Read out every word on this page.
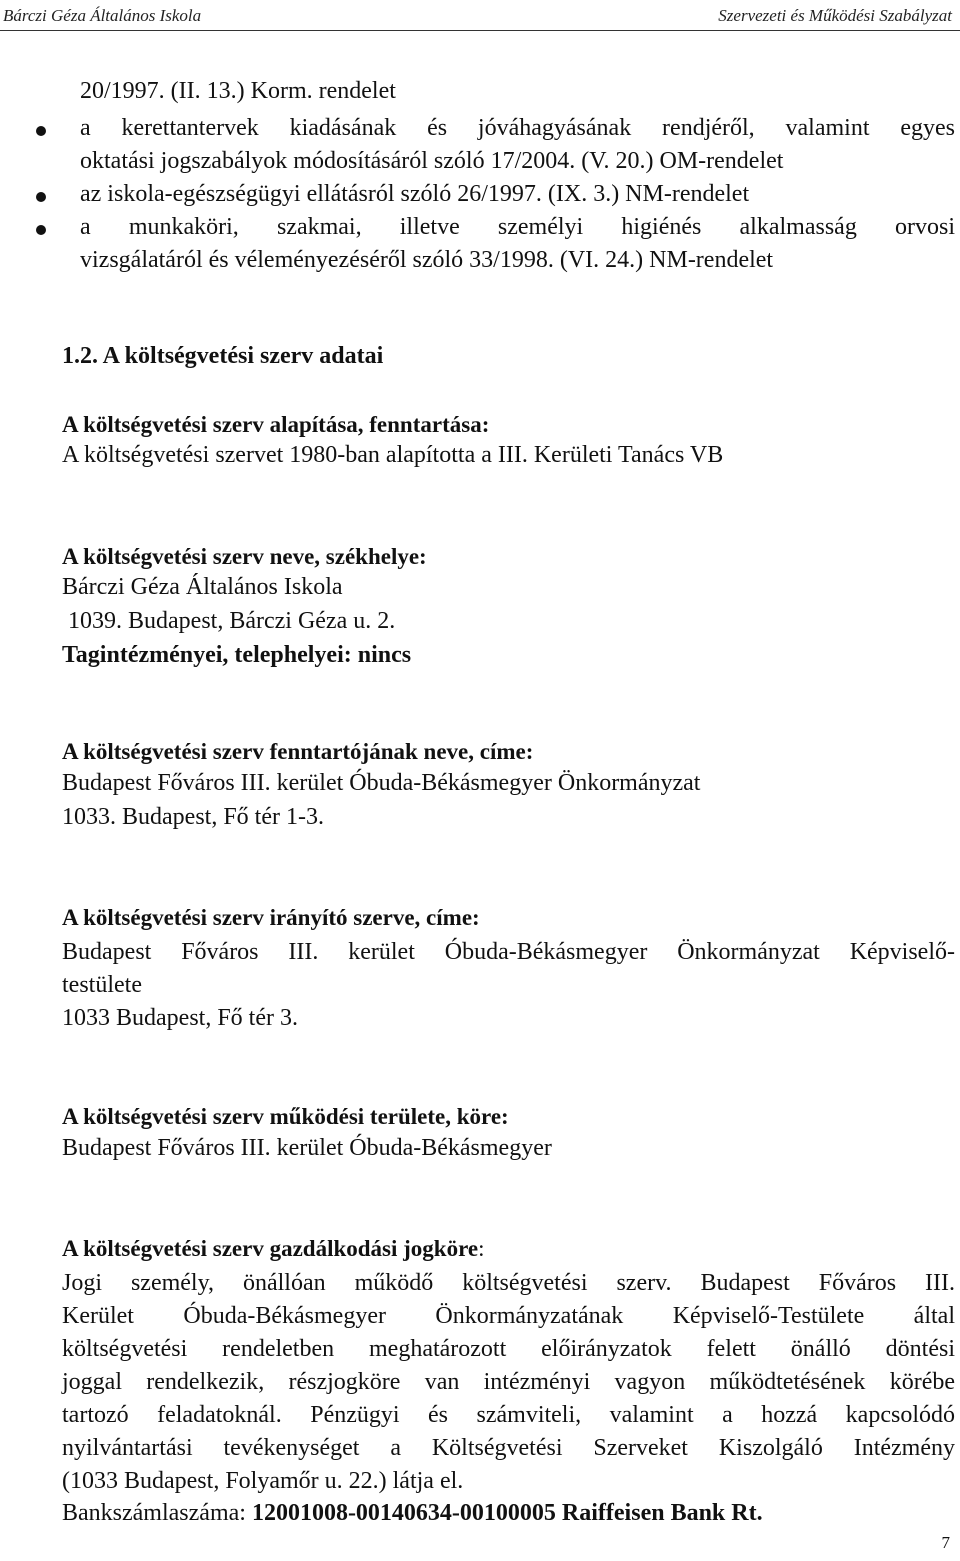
Bárczi Géza Általános Iskola	Szervezeti és Működési Szabályzat
20/1997. (II. 13.) Korm. rendelet
a kerettantervek kiadásának és jóváhagyásának rendjéről, valamint egyes
oktatási jogszabályok módosításáról szóló 17/2004. (V. 20.) OM-rendelet
az iskola-egészségügyi ellátásról szóló 26/1997. (IX. 3.) NM-rendelet
a munkaköri, szakmai, illetve személyi higiénés alkalmasság orvosi
vizsgálatáról és véleményezéséről szóló 33/1998. (VI. 24.) NM-rendelet
1.2. A költségvetési szerv adatai
A költségvetési szerv alapítása, fenntartása:
A költségvetési szervet 1980-ban alapította a III. Kerületi Tanács VB
A költségvetési szerv neve, székhelye:
Bárczi Géza Általános Iskola
1039. Budapest, Bárczi Géza u. 2.
Tagintézményei, telephelyei: nincs
A költségvetési szerv fenntartójának neve, címe:
Budapest Főváros III. kerület Óbuda-Békásmegyer Önkormányzat
1033. Budapest, Fő tér 1-3.
A költségvetési szerv irányító szerve, címe:
Budapest Főváros III. kerület Óbuda-Békásmegyer Önkormányzat Képviselő-
testülete
1033 Budapest, Fő tér 3.
A költségvetési szerv működési területe, köre:
Budapest Főváros III. kerület Óbuda-Békásmegyer
A költségvetési szerv gazdálkodási jogköre:
Jogi személy, önállóan működő költségvetési szerv. Budapest Főváros III.
Kerület Óbuda-Békásmegyer Önkormányzatának Képviselő-Testülete által
költségvetési rendeletben meghatározott előirányzatok felett önálló döntési
joggal rendelkezik, részjogköre van intézményi vagyon működtetésének körébe
tartozó feladatoknál. Pénzügyi és számviteli, valamint a hozzá kapcsolódó
nyilvántartási tevékenységet a Költségvetési Szerveket Kiszolgáló Intézmény
(1033 Budapest, Folyamőr u. 22.) látja el.
Bankszámlaszáma: 12001008-00140634-00100005 Raiffeisen Bank Rt.
7
